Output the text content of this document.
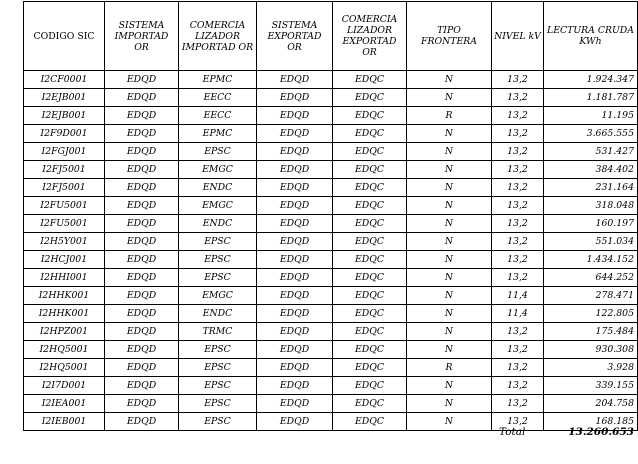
CODIGO SIC	SISTEMA IMPORTAD OR	COMERCIA LIZADOR IMPORTAD OR	SISTEMA EXPORTAD OR	COMERCIA LIZADOR EXPORTAD OR	TIPO FRONTERA	NIVEL kV	LECTURA CRUDA KWh
I2CF0001	EDQD	EPMC	EDQD	EDQC	N	13,2	1.924.347
I2EJB001	EDQD	EECC	EDQD	EDQC	N	13,2	1.181.787
I2EJB001	EDQD	EECC	EDQD	EDQC	R	13,2	11.195
I2F9D001	EDQD	EPMC	EDQD	EDQC	N	13,2	3.665.555
I2FGJ001	EDQD	EPSC	EDQD	EDQC	N	13,2	531.427
I2FJ5001	EDQD	EMGC	EDQD	EDQC	N	13,2	384.402
I2FJ5001	EDQD	ENDC	EDQD	EDQC	N	13,2	231.164
I2FU5001	EDQD	EMGC	EDQD	EDQC	N	13,2	318.048
I2FU5001	EDQD	ENDC	EDQD	EDQC	N	13,2	160.197
I2H5Y001	EDQD	EPSC	EDQD	EDQC	N	13,2	551.034
I2HCJ001	EDQD	EPSC	EDQD	EDQC	N	13,2	1.434.152
I2HHI001	EDQD	EPSC	EDQD	EDQC	N	13,2	644.252
I2HHK001	EDQD	EMGC	EDQD	EDQC	N	11,4	278.471
I2HHK001	EDQD	ENDC	EDQD	EDQC	N	11,4	122.805
I2HPZ001	EDQD	TRMC	EDQD	EDQC	N	13,2	175.484
I2HQ5001	EDQD	EPSC	EDQD	EDQC	N	13,2	930.308
I2HQ5001	EDQD	EPSC	EDQD	EDQC	R	13,2	3.928
I2I7D001	EDQD	EPSC	EDQD	EDQC	N	13,2	339.155
I2IEA001	EDQD	EPSC	EDQD	EDQC	N	13,2	204.758
I2IEB001	EDQD	EPSC	EDQD	EDQC	N	13,2	168.185
Total	13.260.653
